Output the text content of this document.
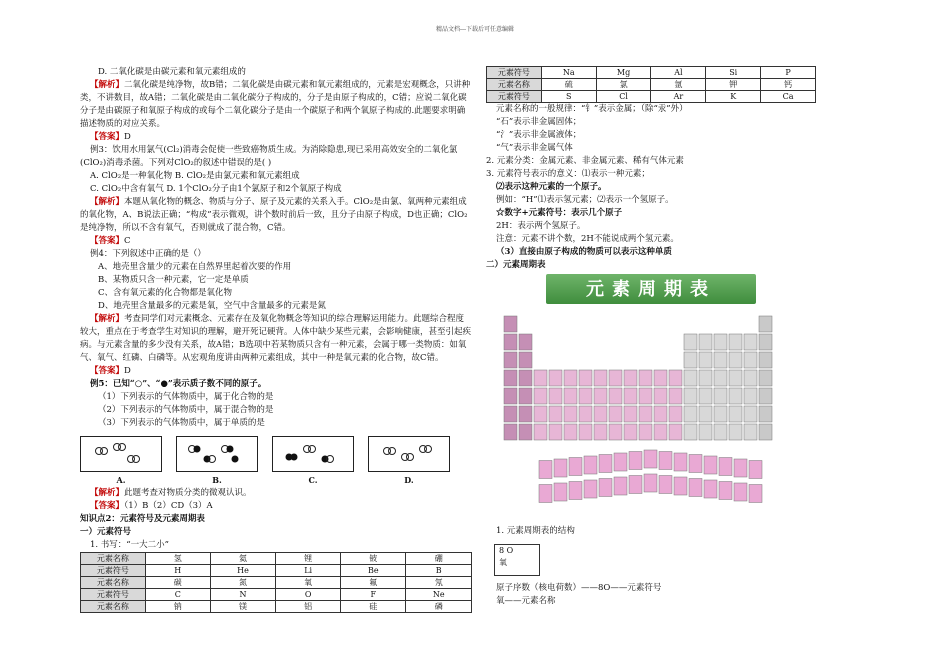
精品文档---下载后可任意编辑
D. 二氧化碳是由碳元素和氧元素组成的
【解析】二氧化碳是纯净物，故B错；二氧化碳是由碳元素和氧元素组成的，元素是宏观概念，只讲种类，不讲数目，故A错；二氧化碳是由二氧化碳分子构成的，分子是由原子构成的，C错；应说二氧化碳分子是由碳原子和氧原子构成的或每个二氧化碳分子是由一个碳原子和两个氧原子构成的.此题要求明确描述物质的对应关系。
【答案】D
例3：饮用水用氯气(Cl₂)消毒会促使一些致癌物质生成。为消除隐患,现已采用高效安全的二氧化氯(ClO₂)消毒杀菌。下列对ClO₂的叙述中错误的是( )
A. ClO₂是一种氧化物 B. ClO₂是由氯元素和氧元素组成
C. ClO₂中含有氧气 D. 1个ClO₂分子由1个氯原子和2个氧原子构成
【解析】本题从氧化物的概念、物质与分子、原子及元素的关系入手。ClO₂是由氯、氧两种元素组成的氧化物，A、B说法正确；“构成”表示微观，讲个数时前后一致，且分子由原子构成，D也正确；ClO₂是纯净物，所以不含有氧气，否则就成了混合物，C错。
【答案】C
例4：下列叙述中正确的是（）
A、地壳里含量少的元素在自然界里起着次要的作用
B、某物质只含一种元素，它一定是单质
C、含有氧元素的化合物都是氧化物
D、地壳里含量最多的元素是氧，空气中含量最多的元素是氮
【解析】考查同学们对元素概念、元素存在及氧化物概念等知识的综合理解运用能力。此题综合程度较大，重点在于考查学生对知识的理解，避开死记硬背。人体中缺少某些元素，会影响健康，甚至引起疾病。与元素含量的多少没有关系，故A错；B选项中若某物质只含有一种元素，会属于哪一类物质：如氧气、氧气、红磷、白磷等。从宏观角度讲由两种元素组成，其中一种是氧元素的化合物，故C错。
【答案】D
例5：已知“○”、“●”表示质子数不同的原子。
（1）下列表示的气体物质中，属于化合物的是
（2）下列表示的气体物质中，属于混合物的是
（3）下列表示的气体物质中，属于单质的是
A.	B.	C.	D.
【解析】此题考查对物质分类的微观认识。
【答案】（1）B（2）CD（3）A
知识点2：元素符号及元素周期表
一）元素符号
1. 书写：“一大二小”
元素名称	氢	氦	锂	铍	硼
元素符号	H	He	Li	Be	B
元素名称	碳	氮	氧	氟	氖
元素符号	C	N	O	F	Ne
元素名称	钠	镁	铝	硅	磷
元素符号	Na	Mg	Al	Si	P
元素名称	硫	氯	氩	钾	钙
元素符号	S	Cl	Ar	K	Ca
元素名称的一般规律：“钅”表示金属；（除“汞”外）
“石”表示非金属固体；
“氵”表示非金属液体；
“气”表示非金属气体
2. 元素分类：金属元素、非金属元素、稀有气体元素
3. 元素符号表示的意义：⑴表示一种元素；
⑵表示这种元素的一个原子。
例如：“H”⑴表示氢元素；⑵表示一个氢原子。
☆数字+元素符号：表示几个原子
2H：表示两个氢原子。
注意：元素不讲个数，2H不能说成两个氢元素。
（3）直接由原子构成的物质可以表示这种单质
二）元素周期表
元素周期表
1. 元素周期表的结构
8 O
氧
原子序数（核电荷数）——8O——元素符号
氧——元素名称
